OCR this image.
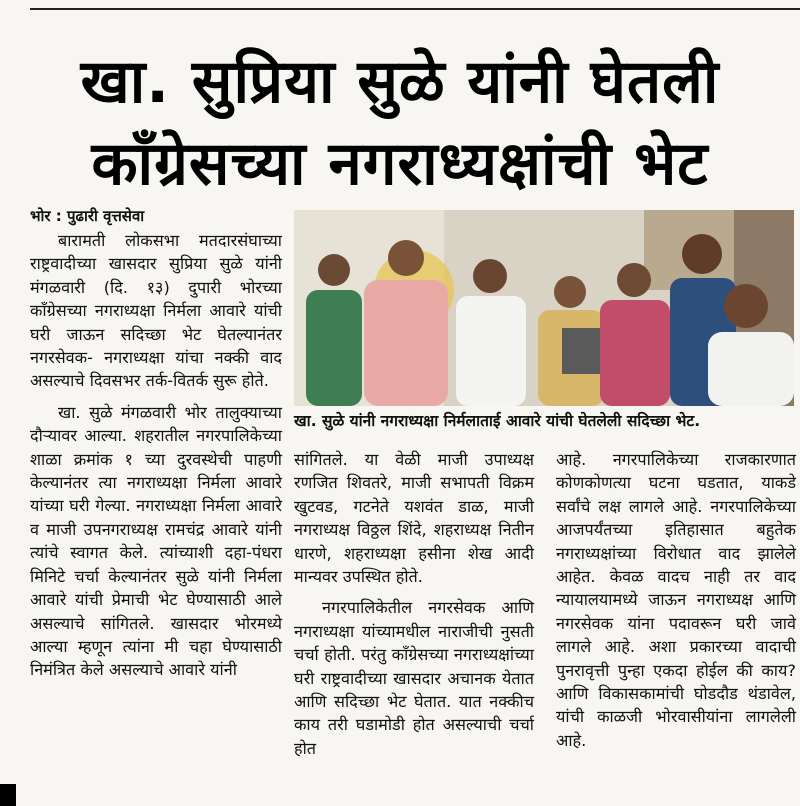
खा. सुप्रिया सुळे यांनी घेतली
काँग्रेसच्या नगराध्यक्षांची भेट
भोर : पुढारी वृत्तसेवा

बारामती लोकसभा मतदारसंघाच्या राष्ट्रवादीच्या खासदार सुप्रिया सुळे यांनी मंगळवारी (दि. १३) दुपारी भोरच्या काँग्रेसच्या नगराध्यक्षा निर्मला आवारे यांची घरी जाऊन सदिच्छा भेट घेतल्यानंतर नगरसेवक- नगराध्यक्षा यांचा नक्की वाद असल्याचे दिवसभर तर्क-वितर्क सुरू होते.

खा. सुळे मंगळवारी भोर तालुक्याच्या दौऱ्यावर आल्या. शहरातील नगरपालिकेच्या शाळा क्रमांक १ च्या दुरवस्थेची पाहणी केल्यानंतर त्या नगराध्यक्षा निर्मला आवारे यांच्या घरी गेल्या. नगराध्यक्षा निर्मला आवारे व माजी उपनगराध्यक्ष रामचंद्र आवारे यांनी त्यांचे स्वागत केले. त्यांच्याशी दहा-पंधरा मिनिटे चर्चा केल्यानंतर सुळे यांनी निर्मला आवारे यांची प्रेमाची भेट घेण्यासाठी आले असल्याचे सांगितले. खासदार भोरमध्ये आल्या म्हणून त्यांना मी चहा घेण्यासाठी निमंत्रित केले असल्याचे आवारे यांनी

खा. सुळे यांनी नगराध्यक्षा निर्मलाताई आवारे यांची घेतलेली सदिच्छा भेट.

सांगितले. या वेळी माजी उपाध्यक्ष रणजित शिवतरे, माजी सभापती विक्रम खुटवड, गटनेते यशवंत डाळ, माजी नगराध्यक्ष विठ्ठल शिंदे, शहराध्यक्ष नितीन धारणे, शहराध्यक्षा हसीना शेख आदी मान्यवर उपस्थित होते.

नगरपालिकेतील नगरसेवक आणि नगराध्यक्षा यांच्यामधील नाराजीची नुसती चर्चा होती. परंतु काँग्रेसच्या नगराध्यक्षांच्या घरी राष्ट्रवादीच्या खासदार अचानक येतात आणि सदिच्छा भेट घेतात. यात नक्कीच काय तरी घडामोडी होत असल्याची चर्चा होत

आहे. नगरपालिकेच्या राजकारणात कोणकोणत्या घटना घडतात, याकडे सर्वांचे लक्ष लागले आहे. नगरपालिकेच्या आजपर्यंतच्या इतिहासात बहुतेक नगराध्यक्षांच्या विरोधात वाद झालेले आहेत. केवळ वादच नाही तर वाद न्यायालयामध्ये जाऊन नगराध्यक्ष आणि नगरसेवक यांना पदावरून घरी जावे लागले आहे. अशा प्रकारच्या वादाची पुनरावृत्ती पुन्हा एकदा होईल की काय? आणि विकासकामांची घोडदौड थंडावेल, यांची काळजी भोरवासीयांना लागलेली आहे.
